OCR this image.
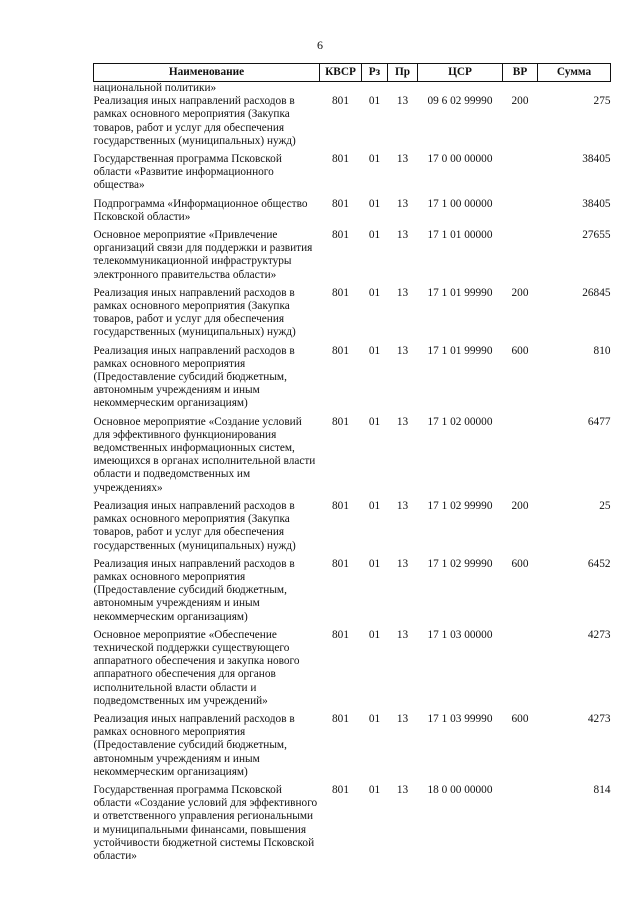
6
Наименование	КВСР	Рз	Пр	ЦСР	ВР	Сумма
национальной политики»						
Реализация иных направлений расходов в рамках основного мероприятия (Закупка товаров, работ и услуг для обеспечения государственных (муниципальных) нужд)	801	01	13	09 6 02 99990	200	275
Государственная программа Псковской области «Развитие информационного общества»	801	01	13	17 0 00 00000		38405
Подпрограмма «Информационное общество Псковской области»	801	01	13	17 1 00 00000		38405
Основное мероприятие «Привлечение организаций связи для поддержки и развития телекоммуникационной инфраструктуры электронного правительства области»	801	01	13	17 1 01 00000		27655
Реализация иных направлений расходов в рамках основного мероприятия (Закупка товаров, работ и услуг для обеспечения государственных (муниципальных) нужд)	801	01	13	17 1 01 99990	200	26845
Реализация иных направлений расходов в рамках основного мероприятия (Предоставление субсидий бюджетным, автономным учреждениям и иным некоммерческим организациям)	801	01	13	17 1 01 99990	600	810
Основное мероприятие «Создание условий для эффективного функционирования ведомственных информационных систем, имеющихся в органах исполнительной власти области и подведомственных им учреждениях»	801	01	13	17 1 02 00000		6477
Реализация иных направлений расходов в рамках основного мероприятия (Закупка товаров, работ и услуг для обеспечения государственных (муниципальных) нужд)	801	01	13	17 1 02 99990	200	25
Реализация иных направлений расходов в рамках основного мероприятия (Предоставление субсидий бюджетным, автономным учреждениям и иным некоммерческим организациям)	801	01	13	17 1 02 99990	600	6452
Основное мероприятие «Обеспечение технической поддержки существующего аппаратного обеспечения и закупка нового аппаратного обеспечения для органов исполнительной власти области и подведомственных им учреждений»	801	01	13	17 1 03 00000		4273
Реализация иных направлений расходов в рамках основного мероприятия (Предоставление субсидий бюджетным, автономным учреждениям и иным некоммерческим организациям)	801	01	13	17 1 03 99990	600	4273
Государственная программа Псковской области «Создание условий для эффективного и ответственного управления региональными и муниципальными финансами, повышения устойчивости бюджетной системы Псковской области»	801	01	13	18 0 00 00000		814
